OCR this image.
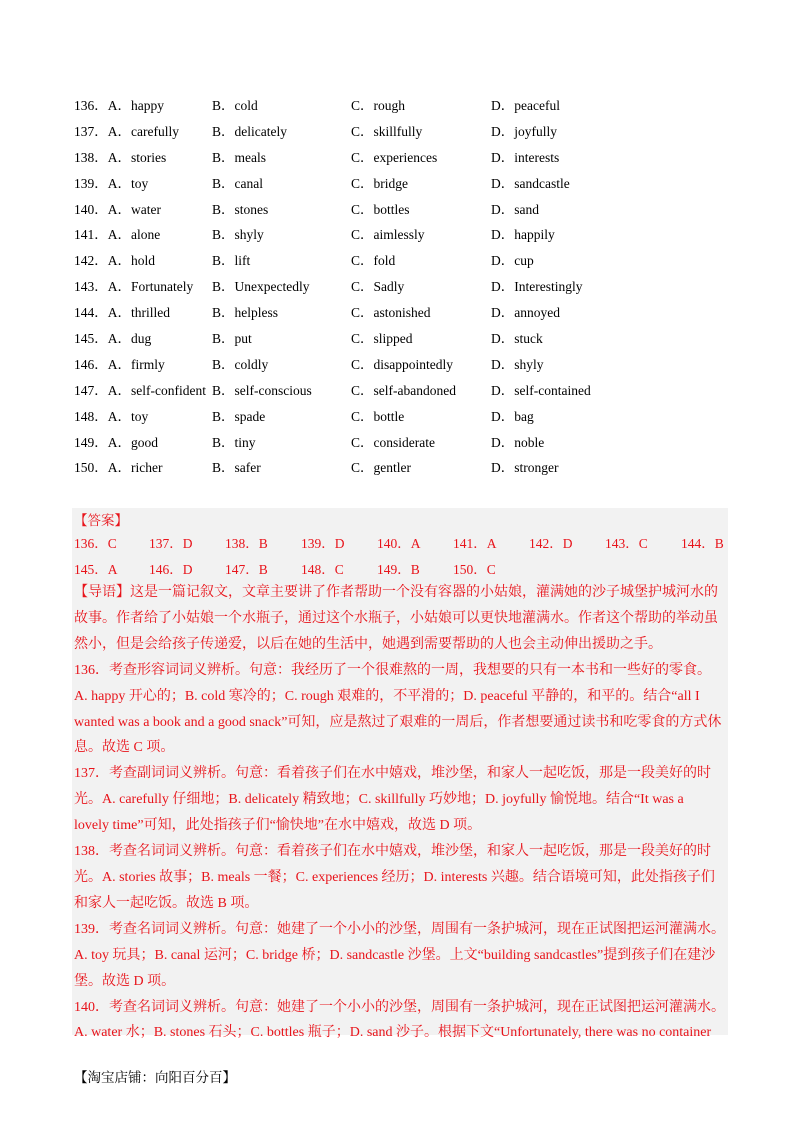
136．A．happy	B．cold	C．rough	D．peaceful
137．A．carefully B．delicately	C．skillfully	D．joyfully
138．A．stories	B．meals	C．experiences	D．interests
139．A．toy	B．canal	C．bridge	D．sandcastle
140．A．water	B．stones	C．bottles	D．sand
141．A．alone	B．shyly	C．aimlessly	D．happily
142．A．hold	B．lift	C．fold	D．cup
143．A．Fortunately B．Unexpectedly	C．Sadly	D．Interestingly
144．A．thrilled	B．helpless	C．astonished	D．annoyed
145．A．dug	B．put	C．slipped	D．stuck
146．A．firmly	B．coldly	C．disappointedly	D．shyly
147．A．self-confident B．self-conscious	C．self-abandoned	D．self-contained
148．A．toy	B．spade	C．bottle	D．bag
149．A．good	B．tiny	C．considerate	D．noble
150．A．richer	B．safer	C．gentler	D．stronger
【答案】
136．C 137．D 138．B 139．D 140．A 141．A 142．D 143．C 144．B
145．A 146．D 147．B 148．C 149．B 150．C
【导语】这是一篇记叙文，文章主要讲了作者帮助一个没有容器的小姑娘，灌满她的沙子城堡护城河水的
故事。作者给了小姑娘一个水瓶子，通过这个水瓶子，小姑娘可以更快地灌满水。作者这个帮助的举动虽
然小，但是会给孩子传递爱，以后在她的生活中，她遇到需要帮助的人也会主动伸出援助之手。
136．考查形容词词义辨析。句意：我经历了一个很难熬的一周，我想要的只有一本书和一些好的零食。
A. happy 开心的；B. cold 寒冷的；C. rough 艰难的，不平滑的；D. peaceful 平静的，和平的。结合“all I
wanted was a book and a good snack”可知，应是熬过了艰难的一周后，作者想要通过读书和吃零食的方式休
息。故选 C 项。
137．考查副词词义辨析。句意：看着孩子们在水中嬉戏，堆沙堡，和家人一起吃饭，那是一段美好的时
光。A. carefully 仔细地；B. delicately 精致地；C. skillfully 巧妙地；D. joyfully 愉悦地。结合“It was a
lovely time”可知，此处指孩子们“愉快地”在水中嬉戏，故选 D 项。
138．考查名词词义辨析。句意：看着孩子们在水中嬉戏，堆沙堡，和家人一起吃饭，那是一段美好的时
光。A. stories 故事；B. meals 一餐；C. experiences 经历；D. interests 兴趣。结合语境可知，此处指孩子们
和家人一起吃饭。故选 B 项。
139．考查名词词义辨析。句意：她建了一个小小的沙堡，周围有一条护城河，现在正试图把运河灌满水。
A. toy 玩具；B. canal 运河；C. bridge 桥；D. sandcastle 沙堡。上文“building sandcastles”提到孩子们在建沙
堡。故选 D 项。
140．考查名词词义辨析。句意：她建了一个小小的沙堡，周围有一条护城河，现在正试图把运河灌满水。
A. water 水；B. stones 石头；C. bottles 瓶子；D. sand 沙子。根据下文“Unfortunately, there was no container
【淘宝店铺：向阳百分百】
